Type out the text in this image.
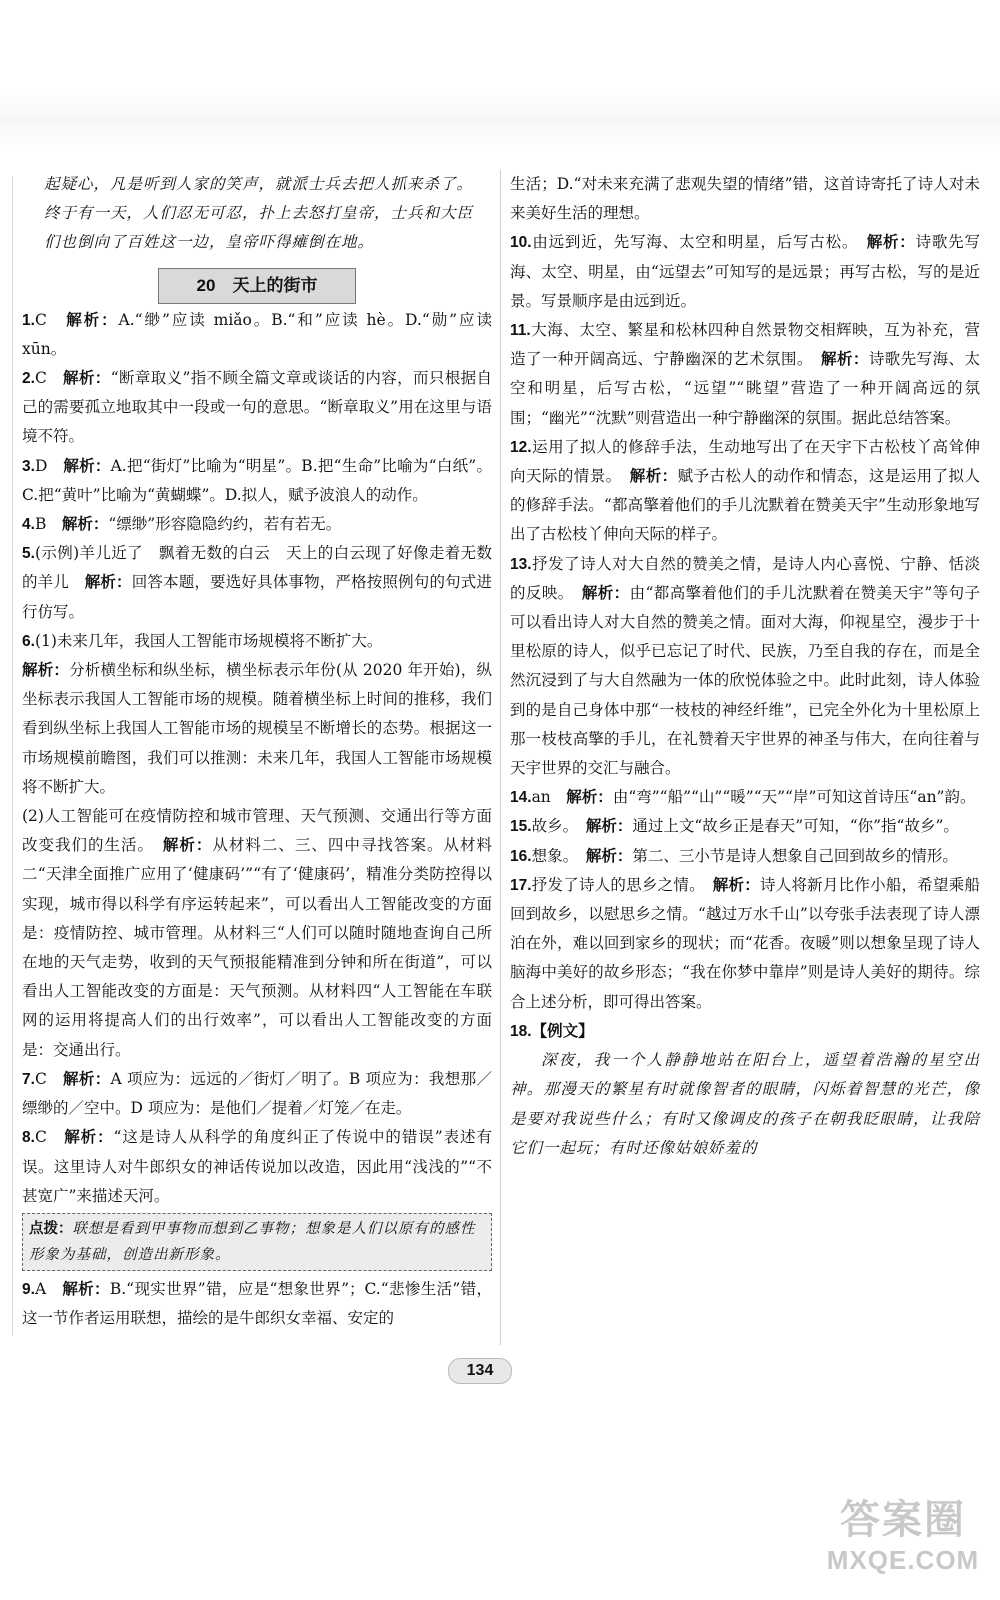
起疑心，凡是听到人家的笑声，就派士兵去把人抓来杀了。

终于有一天，人们忍无可忍，扑上去怒打皇帝，士兵和大臣

们也倒向了百姓这一边，皇帝吓得瘫倒在地。

20　天上的街市

1.C　解析：A.“缈”应读 miǎo。B.“和”应读 hè。D.“勋”应读 xūn。

2.C　解析：“断章取义”指不顾全篇文章或谈话的内容，而只根据自己的需要孤立地取其中一段或一句的意思。“断章取义”用在这里与语境不符。

3.D　解析：A.把“街灯”比喻为“明星”。B.把“生命”比喻为“白纸”。C.把“黄叶”比喻为“黄蝴蝶”。D.拟人，赋予波浪人的动作。

4.B　解析：“缥缈”形容隐隐约约，若有若无。

5.(示例)羊儿近了　飘着无数的白云　天上的白云现了好像走着无数的羊儿　解析：回答本题，要选好具体事物，严格按照例句的句式进行仿写。

6.(1)未来几年，我国人工智能市场规模将不断扩大。

解析：分析横坐标和纵坐标，横坐标表示年份(从 2020 年开始)，纵坐标表示我国人工智能市场的规模。随着横坐标上时间的推移，我们看到纵坐标上我国人工智能市场的规模呈不断增长的态势。根据这一市场规模前瞻图，我们可以推测：未来几年，我国人工智能市场规模将不断扩大。

(2)人工智能可在疫情防控和城市管理、天气预测、交通出行等方面改变我们的生活。　解析：从材料二、三、四中寻找答案。从材料二“天津全面推广应用了‘健康码’”“有了‘健康码’，精准分类防控得以实现，城市得以科学有序运转起来”，可以看出人工智能改变的方面是：疫情防控、城市管理。从材料三“人们可以随时随地查询自己所在地的天气走势，收到的天气预报能精准到分钟和所在街道”，可以看出人工智能改变的方面是：天气预测。从材料四“人工智能在车联网的运用将提高人们的出行效率”，可以看出人工智能改变的方面是：交通出行。

7.C　解析：A 项应为：远远的／街灯／明了。B 项应为：我想那／缥缈的／空中。D 项应为：是他们／提着／灯笼／在走。

8.C　解析：“这是诗人从科学的角度纠正了传说中的错误”表述有误。这里诗人对牛郎织女的神话传说加以改造，因此用“浅浅的”“不甚宽广”来描述天河。

点拨：联想是看到甲事物而想到乙事物；想象是人们以原有的感性形象为基础，创造出新形象。

9.A　解析：B.“现实世界”错，应是“想象世界”；C.“悲惨生活”错，这一节作者运用联想，描绘的是牛郎织女幸福、安定的

生活；D.“对未来充满了悲观失望的情绪”错，这首诗寄托了诗人对未来美好生活的理想。

10.由远到近，先写海、太空和明星，后写古松。　解析：诗歌先写海、太空、明星，由“远望去”可知写的是远景；再写古松，写的是近景。写景顺序是由远到近。

11.大海、太空、繁星和松林四种自然景物交相辉映，互为补充，营造了一种开阔高远、宁静幽深的艺术氛围。　解析：诗歌先写海、太空和明星，后写古松，“远望”“眺望”营造了一种开阔高远的氛围；“幽光”“沈默”则营造出一种宁静幽深的氛围。据此总结答案。

12.运用了拟人的修辞手法，生动地写出了在天宇下古松枝丫高耸伸向天际的情景。　解析：赋予古松人的动作和情态，这是运用了拟人的修辞手法。“都高擎着他们的手儿沈默着在赞美天宇”生动形象地写出了古松枝丫伸向天际的样子。

13.抒发了诗人对大自然的赞美之情，是诗人内心喜悦、宁静、恬淡的反映。　解析：由“都高擎着他们的手儿沈默着在赞美天宇”等句子可以看出诗人对大自然的赞美之情。面对大海，仰视星空，漫步于十里松原的诗人，似乎已忘记了时代、民族，乃至自我的存在，而是全然沉浸到了与大自然融为一体的欣悦体验之中。此时此刻，诗人体验到的是自己身体中那“一枝枝的神经纤维”，已完全外化为十里松原上那一枝枝高擎的手儿，在礼赞着天宇世界的神圣与伟大，在向往着与天宇世界的交汇与融合。

14.an　解析：由“弯”“船”“山”“暖”“天”“岸”可知这首诗压“an”韵。

15.故乡。　解析：通过上文“故乡正是春天”可知，“你”指“故乡”。

16.想象。　解析：第二、三小节是诗人想象自己回到故乡的情形。

17.抒发了诗人的思乡之情。　解析：诗人将新月比作小船，希望乘船回到故乡，以慰思乡之情。“越过万水千山”以夸张手法表现了诗人漂泊在外，难以回到家乡的现状；而“花香。夜暖”则以想象呈现了诗人脑海中美好的故乡形态；“我在你梦中靠岸”则是诗人美好的期待。综合上述分析，即可得出答案。

18.【例文】

深夜，我一个人静静地站在阳台上，遥望着浩瀚的星空出神。那漫天的繁星有时就像智者的眼睛，闪烁着智慧的光芒，像是要对我说些什么；有时又像调皮的孩子在朝我眨眼睛，让我陪它们一起玩；有时还像姑娘娇羞的

134
答案圈
MXQE.COM
